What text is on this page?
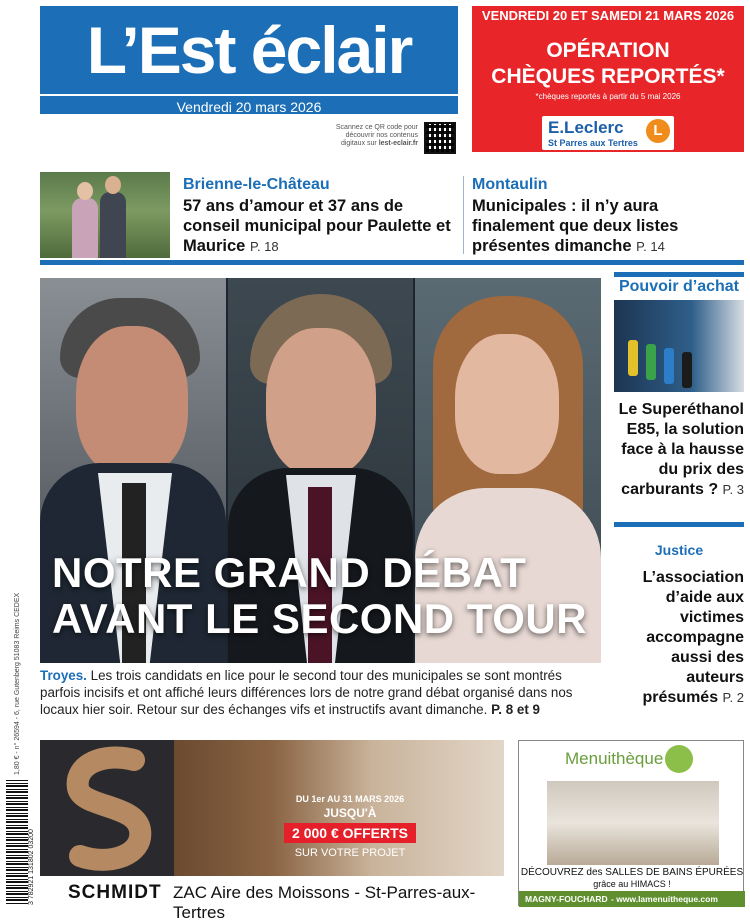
L’Est éclair
Vendredi 20 mars 2026
Scannez ce QR code pour découvrir nos contenus digitaux sur lest-eclair.fr
VENDREDI 20 ET SAMEDI 21 MARS 2026
OPÉRATION
CHÈQUES REPORTÉS*
*chèques reportés à partir du 5 mai 2026
E.Leclerc	L
St Parres aux Tertres
Brienne-le-Château
57 ans d’amour et 37 ans de conseil municipal pour Paulette et Maurice P. 18
Montaulin
Municipales : il n’y aura finalement que deux listes présentes dimanche P. 14
NOTRE GRAND DÉBAT
AVANT LE SECOND TOUR
Troyes. Les trois candidats en lice pour le second tour des municipales se sont montrés parfois incisifs et ont affiché leurs différences lors de notre grand débat organisé dans nos locaux hier soir. Retour sur des échanges vifs et instructifs avant dimanche. P. 8 et 9
Pouvoir d’achat
Le Superéthanol E85, la solution face à la hausse du prix des carburants ? P. 3
Justice
L’association d’aide aux victimes accompagne aussi des auteurs présumés P. 2
1,80 € - n° 26594 - 6, rue Gutenberg 51083 Reims CEDEX
3 782921 131802 03200
DU 1er AU 31 MARS 2026
JUSQU'À
2 000 € OFFERTS
SUR VOTRE PROJET
SCHMIDT ZAC Aire des Moissons - St-Parres-aux-Tertres
Menuithèque
DÉCOUVREZ des SALLES DE BAINS ÉPURÉES
grâce au HIMACS !
MAGNY-FOUCHARD - www.lamenuitheque.com
